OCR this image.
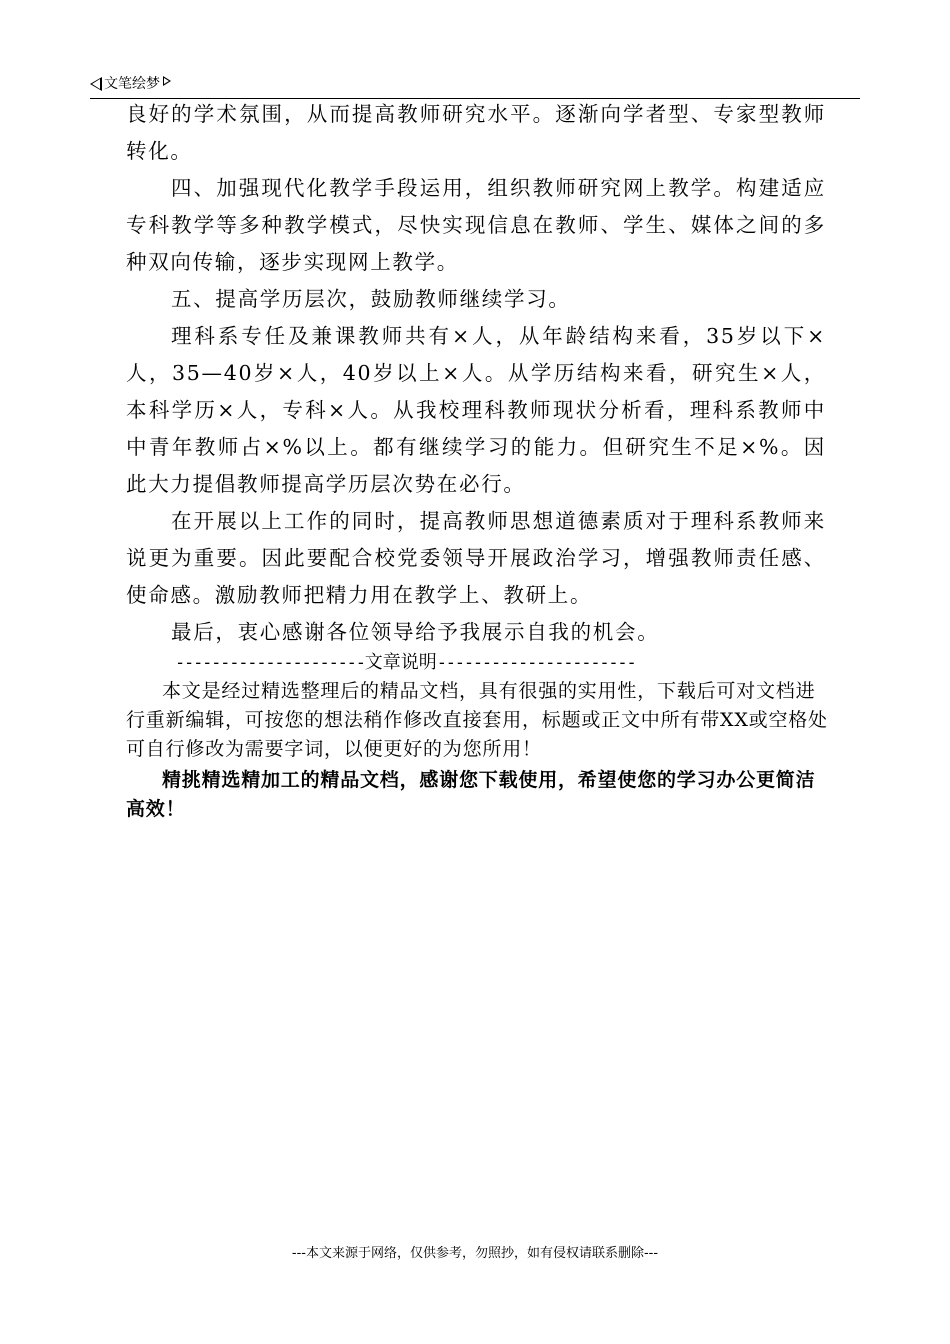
文笔绘梦

良好的学术氛围，从而提高教师研究水平。逐渐向学者型、专家型教师转化。

四、加强现代化教学手段运用，组织教师研究网上教学。构建适应专科教学等多种教学模式，尽快实现信息在教师、学生、媒体之间的多种双向传输，逐步实现网上教学。

五、提高学历层次，鼓励教师继续学习。

理科系专任及兼课教师共有×人，从年龄结构来看，35岁以下×人，35—40岁×人，40岁以上×人。从学历结构来看，研究生×人，本科学历×人，专科×人。从我校理科教师现状分析看，理科系教师中中青年教师占×%以上。都有继续学习的能力。但研究生不足×%。因此大力提倡教师提高学历层次势在必行。

在开展以上工作的同时，提高教师思想道德素质对于理科系教师来说更为重要。因此要配合校党委领导开展政治学习，增强教师责任感、使命感。激励教师把精力用在教学上、教研上。

最后，衷心感谢各位领导给予我展示自我的机会。

---------------------文章说明----------------------

本文是经过精选整理后的精品文档，具有很强的实用性，下载后可对文档进行重新编辑，可按您的想法稍作修改直接套用，标题或正文中所有带XX或空格处可自行修改为需要字词，以便更好的为您所用！

精挑精选精加工的精品文档，感谢您下载使用，希望使您的学习办公更简洁高效！

---本文来源于网络，仅供参考，勿照抄，如有侵权请联系删除---
